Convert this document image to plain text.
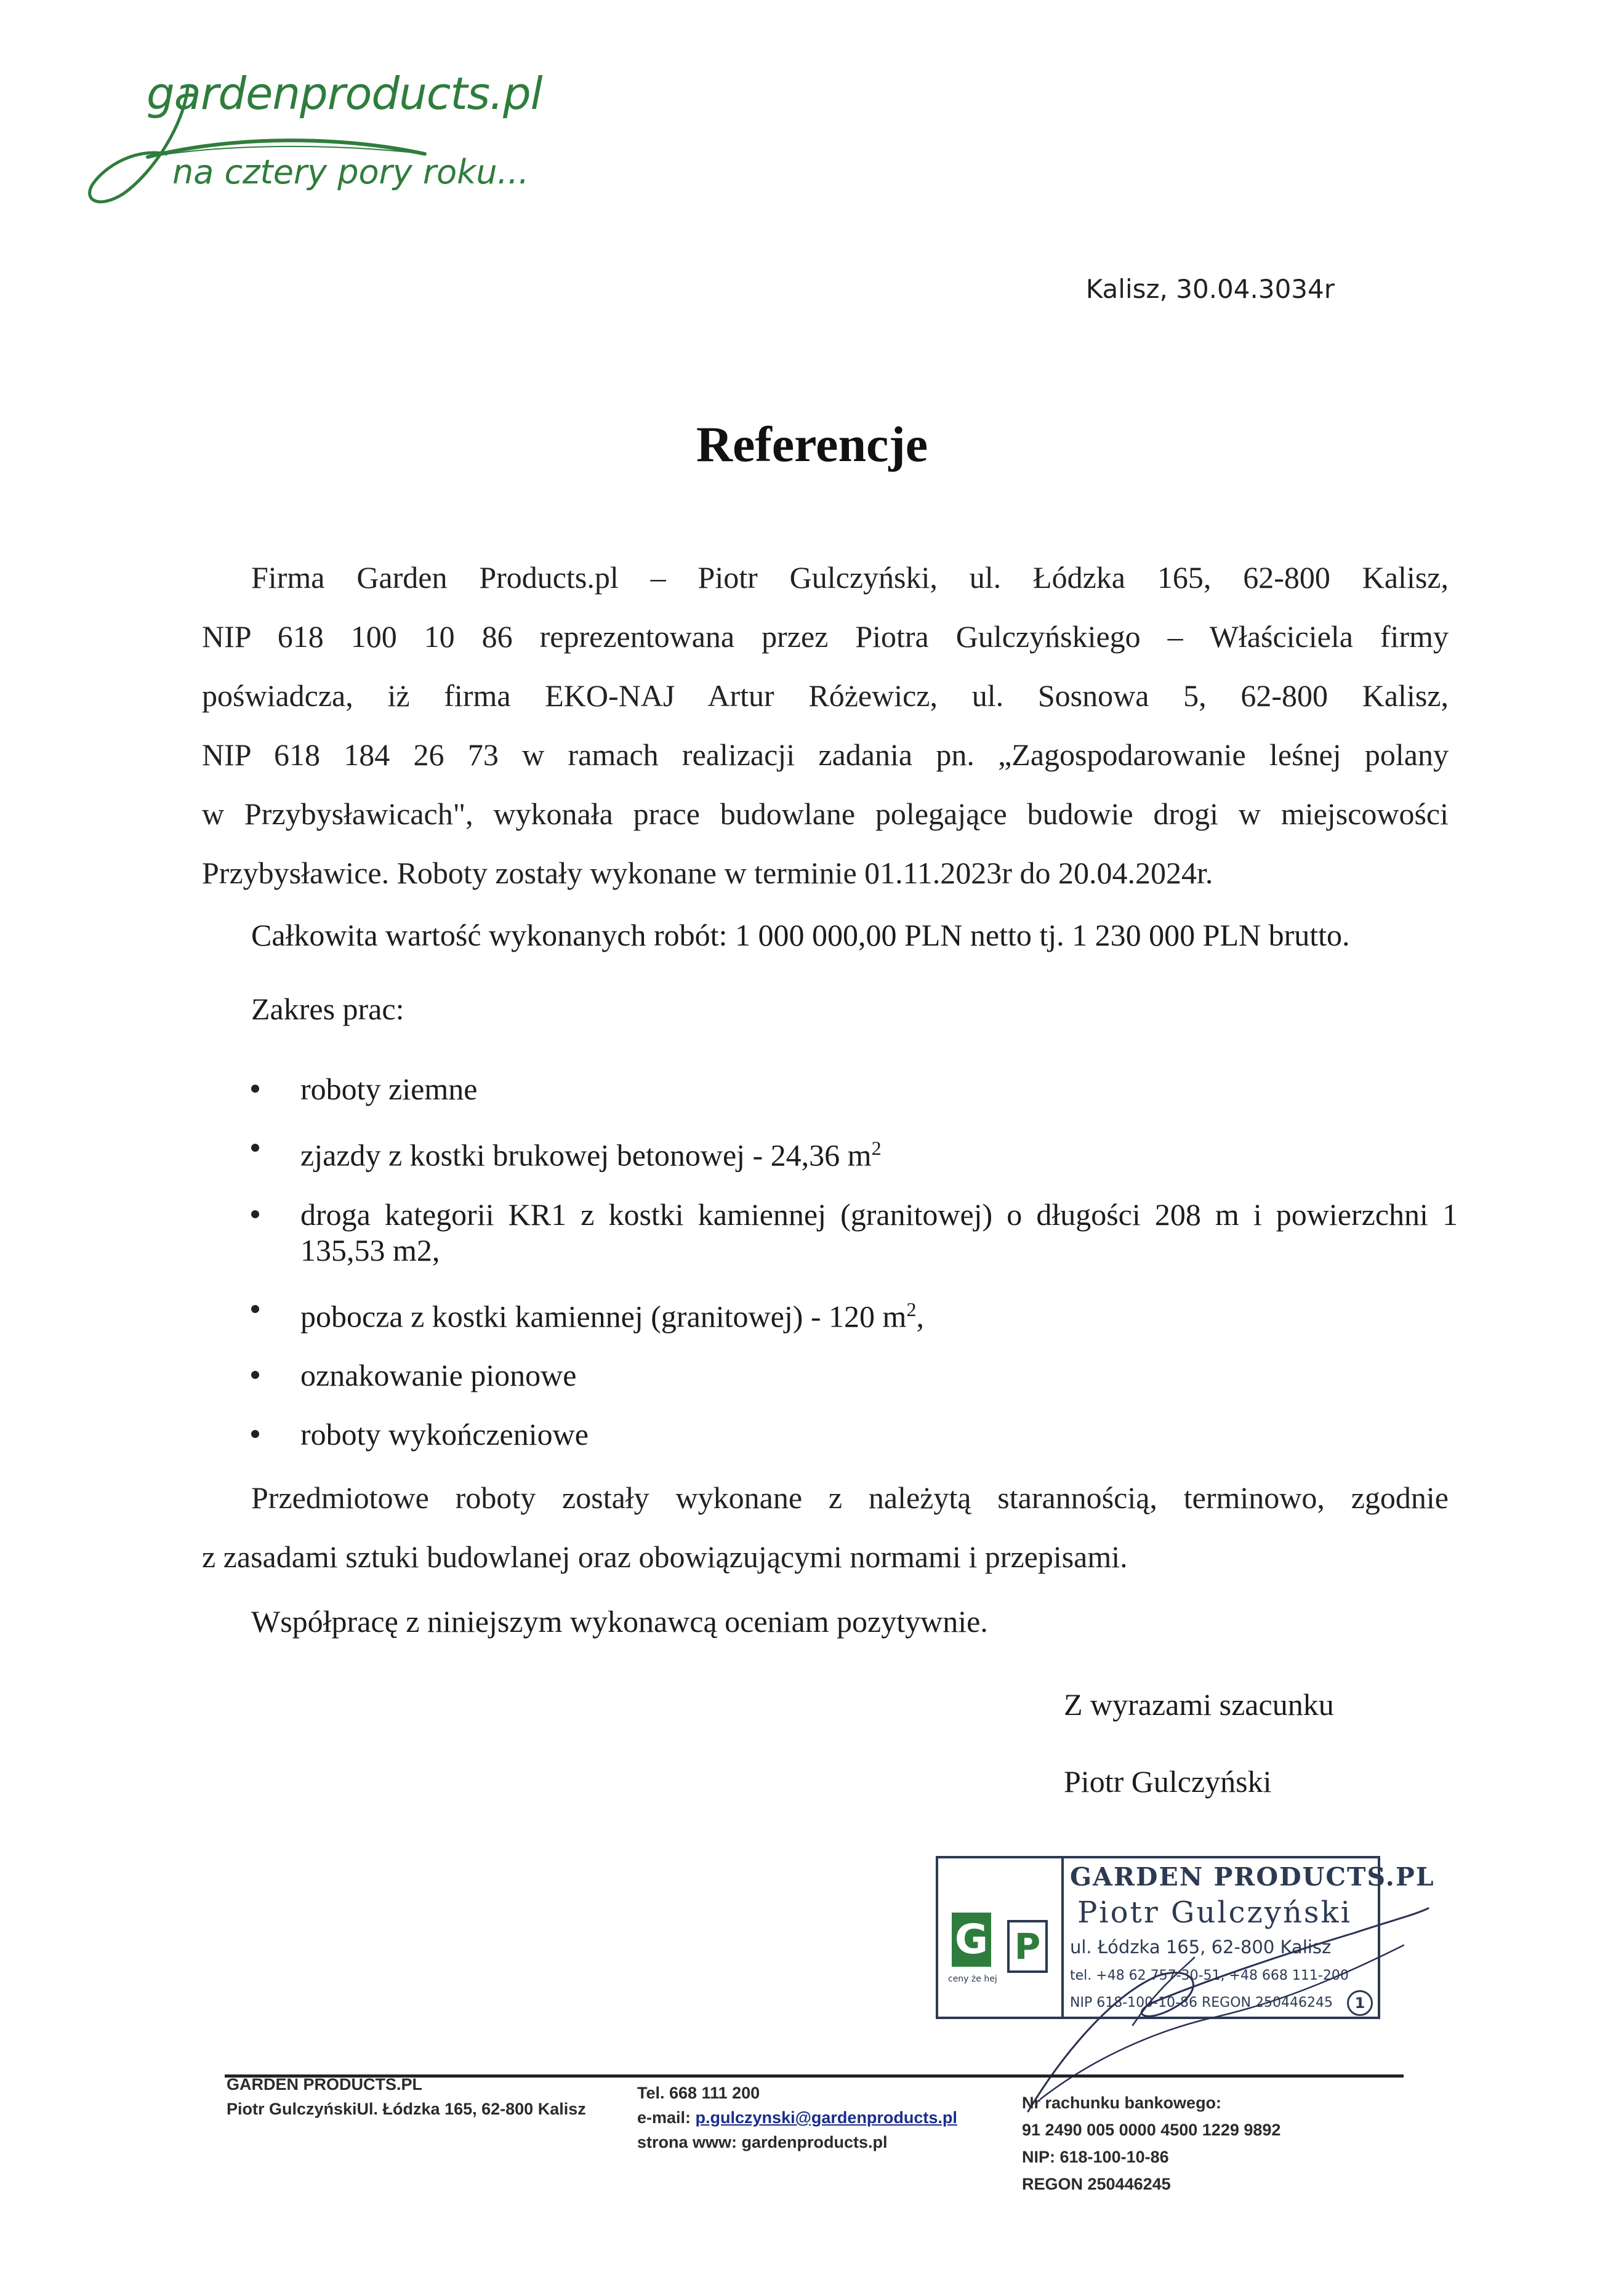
gardenproducts.pl
na cztery pory roku...
Kalisz, 30.04.3034r
Referencje
Firma Garden Products.pl – Piotr Gulczyński, ul. Łódzka 165, 62-800 Kalisz,
NIP 618 100 10 86 reprezentowana przez Piotra Gulczyńskiego – Właściciela firmy
poświadcza, iż firma EKO-NAJ Artur Różewicz, ul. Sosnowa 5, 62-800 Kalisz,
NIP 618 184 26 73 w ramach realizacji zadania pn. „Zagospodarowanie leśnej polany
w Przybysławicach", wykonała prace budowlane polegające budowie drogi w miejscowości
Przybysławice. Roboty zostały wykonane w terminie 01.11.2023r do 20.04.2024r.
Całkowita wartość wykonanych robót: 1 000 000,00 PLN netto tj. 1 230 000 PLN brutto.
Zakres prac:
roboty ziemne
zjazdy z kostki brukowej betonowej - 24,36 $m^2$
droga kategorii KR1 z kostki kamiennej (granitowej) o długości 208 m i powierzchni 1 135,53 m2,
pobocza z kostki kamiennej (granitowej) - 120 $m^2$,
oznakowanie pionowe
roboty wykończeniowe
Przedmiotowe roboty zostały wykonane z należytą starannością, terminowo, zgodnie
z zasadami sztuki budowlanej oraz obowiązującymi normami i przepisami.
Współpracę z niniejszym wykonawcą oceniam pozytywnie.
Z wyrazami szacunku
Piotr Gulczyński
G P
ceny że hej
GARDEN PRODUCTS.PL
Piotr Gulczyński
ul. Łódzka 165, 62-800 Kalisz
tel. +48 62 757-30-51, +48 668 111-200
NIP 618-100-10-86 REGON 250446245	1
GARDEN PRODUCTS.PL
Piotr GulczyńskiUl. Łódzka 165, 62-800 Kalisz
Tel. 668 111 200
e-mail: p.gulczynski@gardenproducts.pl
strona www: gardenproducts.pl
Nr rachunku bankowego:
91 2490 005 0000 4500 1229 9892
NIP: 618-100-10-86
REGON 250446245
